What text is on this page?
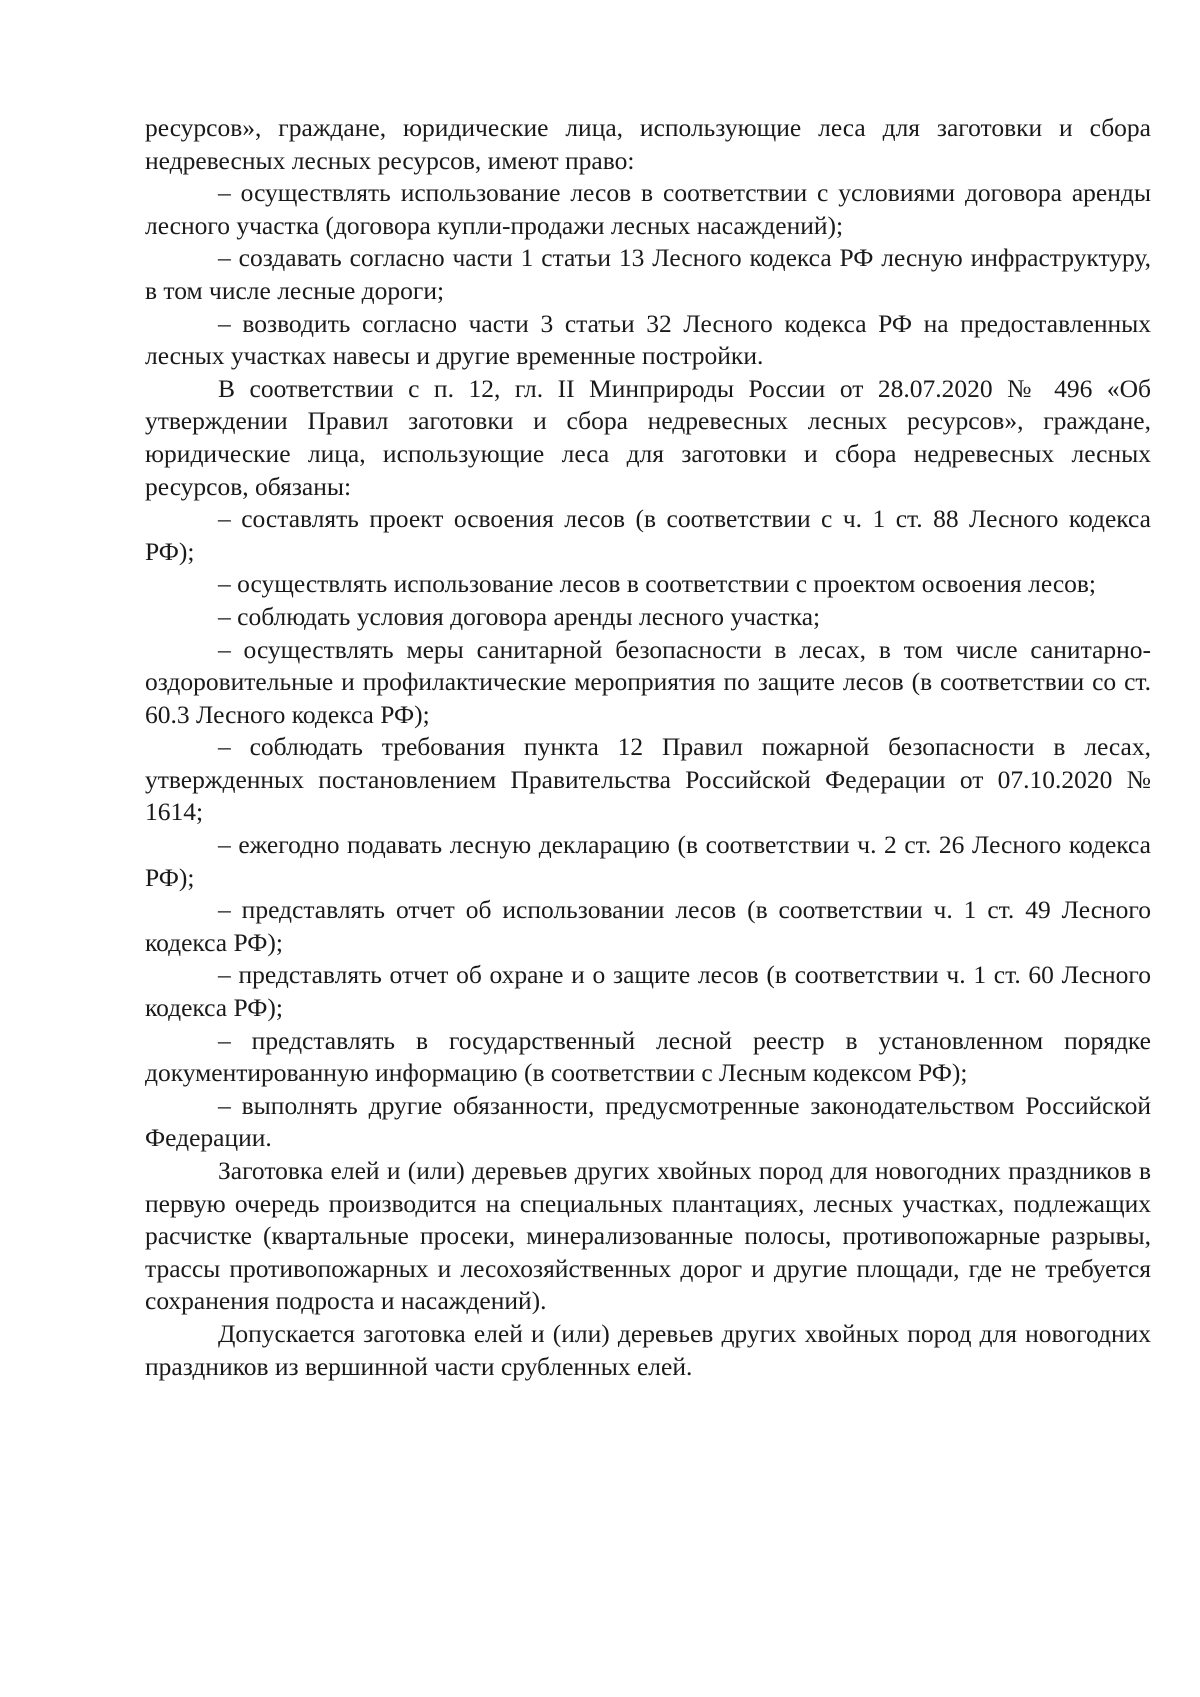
ресурсов», граждане, юридические лица, использующие леса для заготовки и сбора недревесных лесных ресурсов, имеют право:

– осуществлять использование лесов в соответствии с условиями договора аренды лесного участка (договора купли-продажи лесных насаждений);

– создавать согласно части 1 статьи 13 Лесного кодекса РФ лесную инфраструктуру, в том числе лесные дороги;

– возводить согласно части 3 статьи 32 Лесного кодекса РФ на предоставленных лесных участках навесы и другие временные постройки.

В соответствии с п. 12, гл. II Минприроды России от 28.07.2020 № 496 «Об утверждении Правил заготовки и сбора недревесных лесных ресурсов», граждане, юридические лица, использующие леса для заготовки и сбора недревесных лесных ресурсов, обязаны:

– составлять проект освоения лесов (в соответствии с ч. 1 ст. 88 Лесного кодекса РФ);

– осуществлять использование лесов в соответствии с проектом освоения лесов;

– соблюдать условия договора аренды лесного участка;

– осуществлять меры санитарной безопасности в лесах, в том числе санитарно-оздоровительные и профилактические мероприятия по защите лесов (в соответствии со ст. 60.3 Лесного кодекса РФ);

– соблюдать требования пункта 12 Правил пожарной безопасности в лесах, утвержденных постановлением Правительства Российской Федерации от 07.10.2020 № 1614;

– ежегодно подавать лесную декларацию (в соответствии ч. 2 ст. 26 Лесного кодекса РФ);

– представлять отчет об использовании лесов (в соответствии ч. 1 ст. 49 Лесного кодекса РФ);

– представлять отчет об охране и о защите лесов (в соответствии ч. 1 ст. 60 Лесного кодекса РФ);

– представлять в государственный лесной реестр в установленном порядке документированную информацию (в соответствии с Лесным кодексом РФ);

– выполнять другие обязанности, предусмотренные законодательством Российской Федерации.

Заготовка елей и (или) деревьев других хвойных пород для новогодних праздников в первую очередь производится на специальных плантациях, лесных участках, подлежащих расчистке (квартальные просеки, минерализованные полосы, противопожарные разрывы, трассы противопожарных и лесохозяйственных дорог и другие площади, где не требуется сохранения подроста и насаждений).

Допускается заготовка елей и (или) деревьев других хвойных пород для новогодних праздников из вершинной части срубленных елей.
